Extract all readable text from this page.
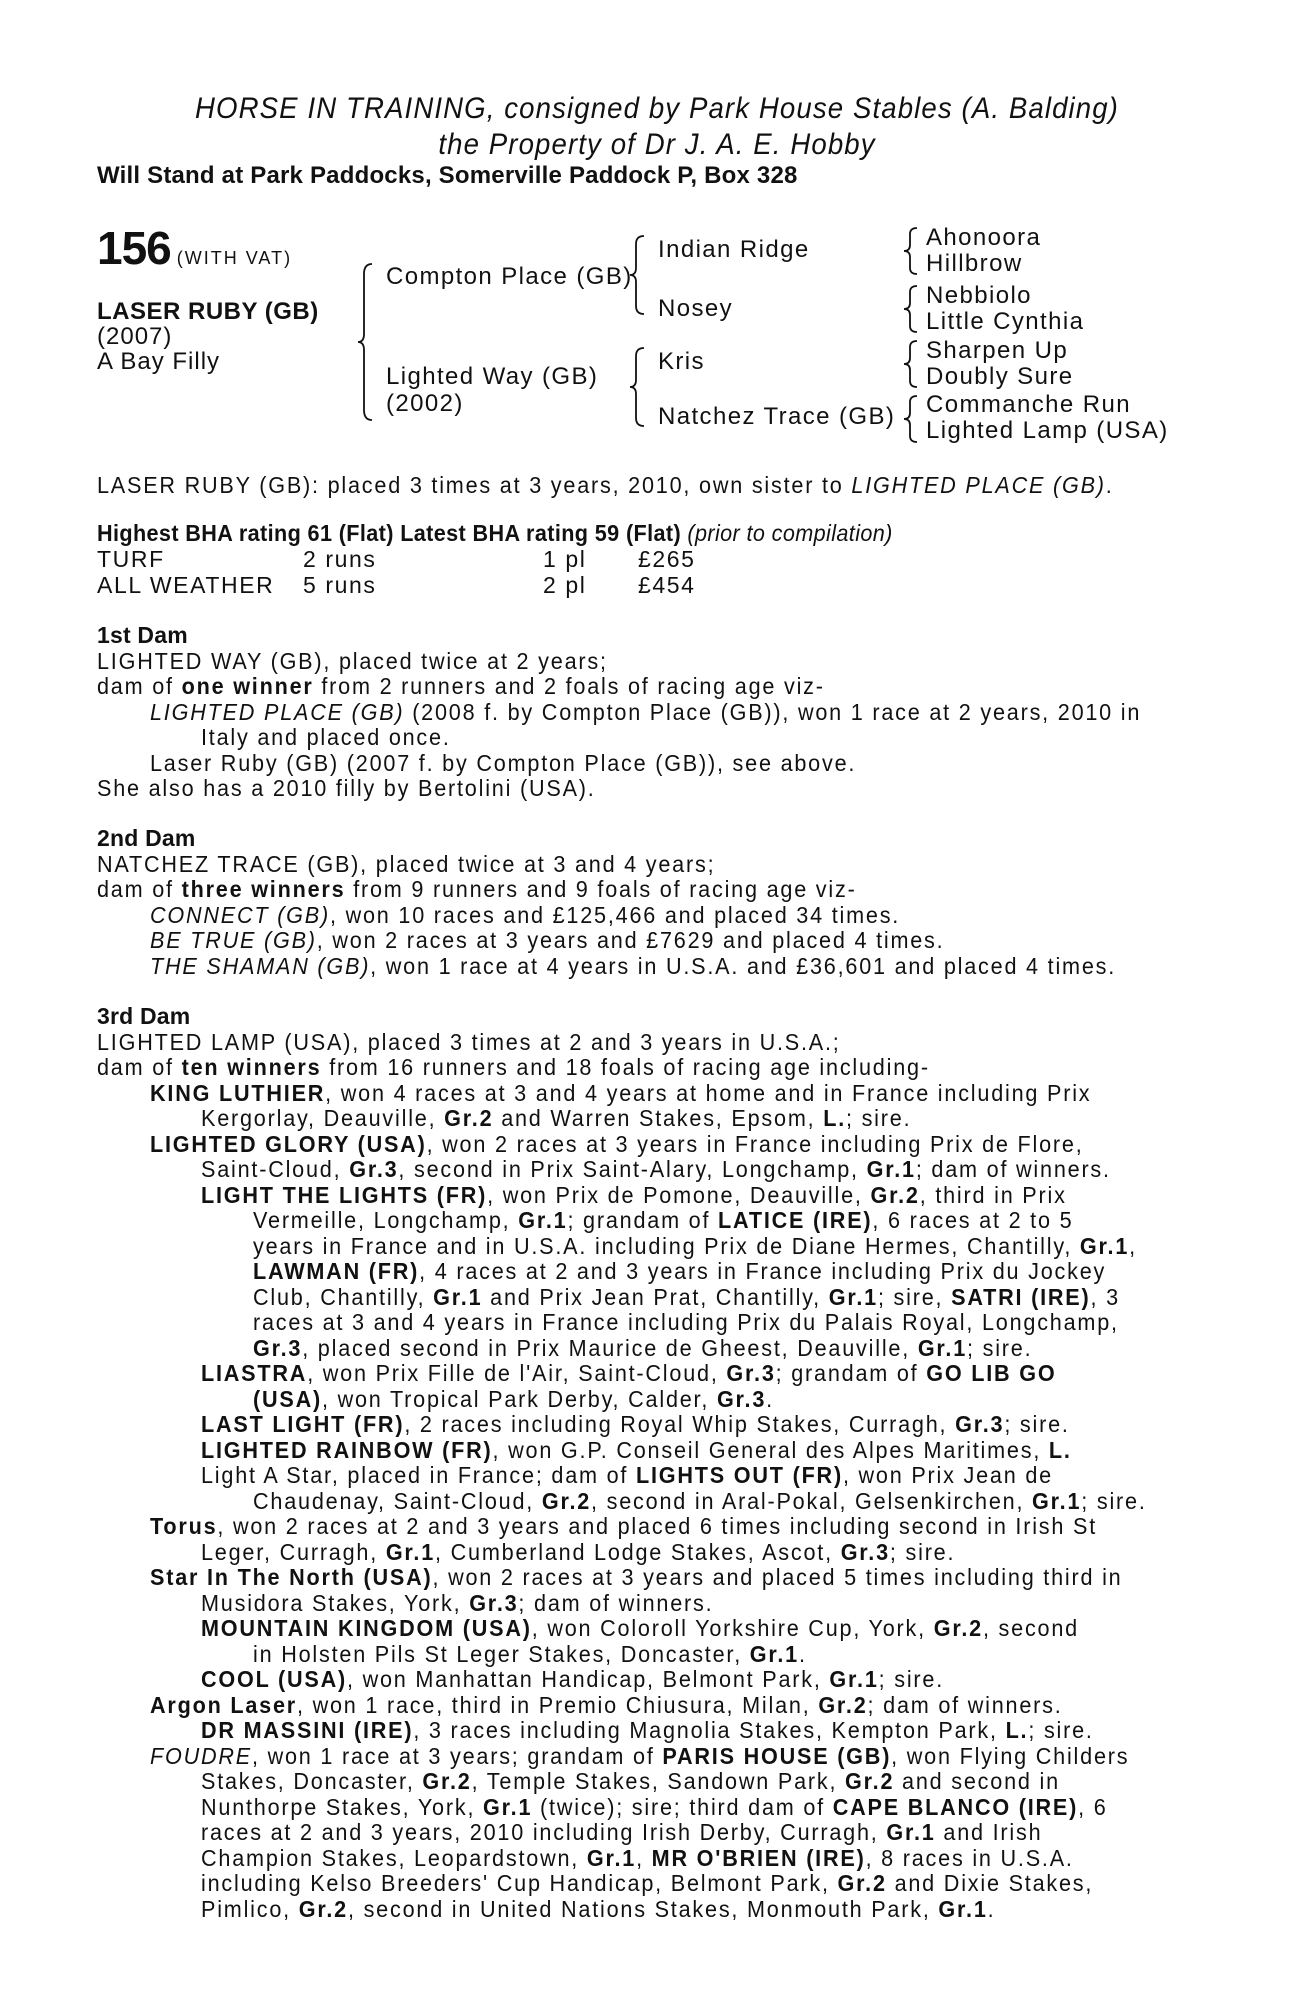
HORSE IN TRAINING, consigned by Park House Stables (A. Balding)
the Property of Dr J. A. E. Hobby
Will Stand at Park Paddocks, Somerville Paddock P, Box 328
156 (WITH VAT)
LASER RUBY (GB)
(2007)
A Bay Filly
Compton Place (GB)
Lighted Way (GB)
(2002)
Indian Ridge
Nosey
Kris
Natchez Trace (GB)
Ahonoora
Hillbrow
Nebbiolo
Little Cynthia
Sharpen Up
Doubly Sure
Commanche Run
Lighted Lamp (USA)
LASER RUBY (GB): placed 3 times at 3 years, 2010, own sister to LIGHTED PLACE (GB).
Highest BHA rating 61 (Flat) Latest BHA rating 59 (Flat) (prior to compilation)
TURF	2 runs	1 pl £265
ALL WEATHER 5 runs	2 pl £454
1st Dam
LIGHTED WAY (GB), placed twice at 2 years;
dam of one winner from 2 runners and 2 foals of racing age viz-
LIGHTED PLACE (GB) (2008 f. by Compton Place (GB)), won 1 race at 2 years, 2010 in
Italy and placed once.
Laser Ruby (GB) (2007 f. by Compton Place (GB)), see above.
She also has a 2010 filly by Bertolini (USA).
2nd Dam
NATCHEZ TRACE (GB), placed twice at 3 and 4 years;
dam of three winners from 9 runners and 9 foals of racing age viz-
CONNECT (GB), won 10 races and £125,466 and placed 34 times.
BE TRUE (GB), won 2 races at 3 years and £7629 and placed 4 times.
THE SHAMAN (GB), won 1 race at 4 years in U.S.A. and £36,601 and placed 4 times.
3rd Dam
LIGHTED LAMP (USA), placed 3 times at 2 and 3 years in U.S.A.;
dam of ten winners from 16 runners and 18 foals of racing age including-
KING LUTHIER, won 4 races at 3 and 4 years at home and in France including Prix
Kergorlay, Deauville, Gr.2 and Warren Stakes, Epsom, L.; sire.
LIGHTED GLORY (USA), won 2 races at 3 years in France including Prix de Flore,
Saint-Cloud, Gr.3, second in Prix Saint-Alary, Longchamp, Gr.1; dam of winners.
LIGHT THE LIGHTS (FR), won Prix de Pomone, Deauville, Gr.2, third in Prix
Vermeille, Longchamp, Gr.1; grandam of LATICE (IRE), 6 races at 2 to 5
years in France and in U.S.A. including Prix de Diane Hermes, Chantilly, Gr.1,
LAWMAN (FR), 4 races at 2 and 3 years in France including Prix du Jockey
Club, Chantilly, Gr.1 and Prix Jean Prat, Chantilly, Gr.1; sire, SATRI (IRE), 3
races at 3 and 4 years in France including Prix du Palais Royal, Longchamp,
Gr.3, placed second in Prix Maurice de Gheest, Deauville, Gr.1; sire.
LIASTRA, won Prix Fille de l'Air, Saint-Cloud, Gr.3; grandam of GO LIB GO
(USA), won Tropical Park Derby, Calder, Gr.3.
LAST LIGHT (FR), 2 races including Royal Whip Stakes, Curragh, Gr.3; sire.
LIGHTED RAINBOW (FR), won G.P. Conseil General des Alpes Maritimes, L.
Light A Star, placed in France; dam of LIGHTS OUT (FR), won Prix Jean de
Chaudenay, Saint-Cloud, Gr.2, second in Aral-Pokal, Gelsenkirchen, Gr.1; sire.
Torus, won 2 races at 2 and 3 years and placed 6 times including second in Irish St
Leger, Curragh, Gr.1, Cumberland Lodge Stakes, Ascot, Gr.3; sire.
Star In The North (USA), won 2 races at 3 years and placed 5 times including third in
Musidora Stakes, York, Gr.3; dam of winners.
MOUNTAIN KINGDOM (USA), won Coloroll Yorkshire Cup, York, Gr.2, second
in Holsten Pils St Leger Stakes, Doncaster, Gr.1.
COOL (USA), won Manhattan Handicap, Belmont Park, Gr.1; sire.
Argon Laser, won 1 race, third in Premio Chiusura, Milan, Gr.2; dam of winners.
DR MASSINI (IRE), 3 races including Magnolia Stakes, Kempton Park, L.; sire.
FOUDRE, won 1 race at 3 years; grandam of PARIS HOUSE (GB), won Flying Childers
Stakes, Doncaster, Gr.2, Temple Stakes, Sandown Park, Gr.2 and second in
Nunthorpe Stakes, York, Gr.1 (twice); sire; third dam of CAPE BLANCO (IRE), 6
races at 2 and 3 years, 2010 including Irish Derby, Curragh, Gr.1 and Irish
Champion Stakes, Leopardstown, Gr.1, MR O'BRIEN (IRE), 8 races in U.S.A.
including Kelso Breeders' Cup Handicap, Belmont Park, Gr.2 and Dixie Stakes,
Pimlico, Gr.2, second in United Nations Stakes, Monmouth Park, Gr.1.
